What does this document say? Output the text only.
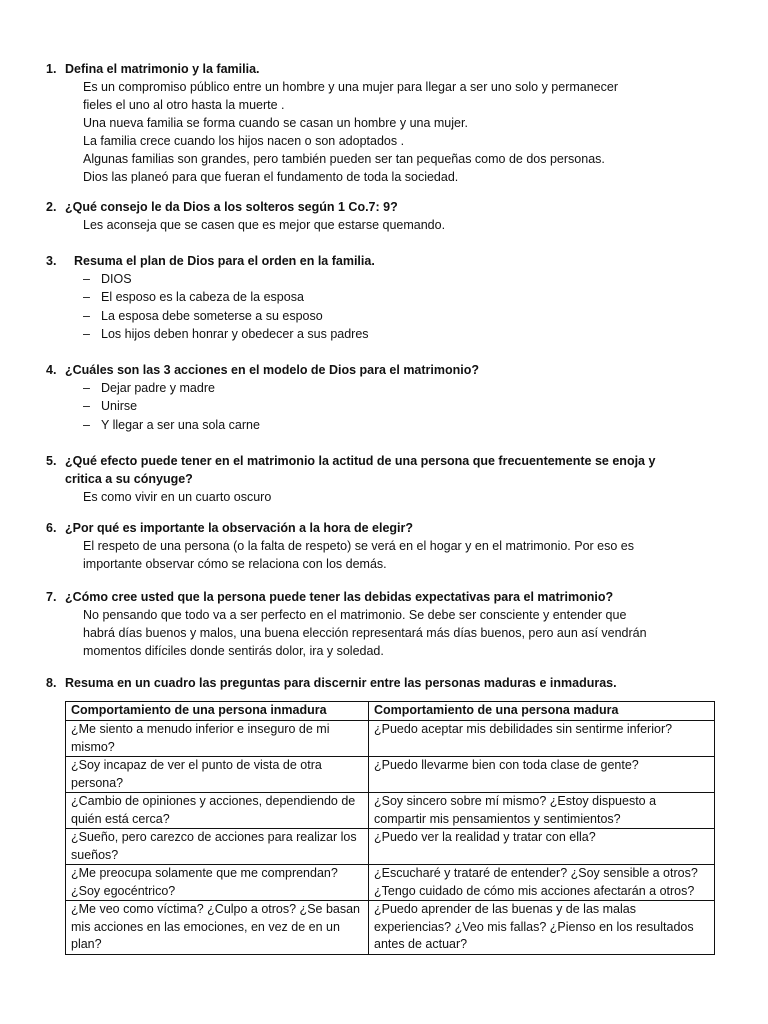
1. Defina el matrimonio y la familia.

Es un compromiso público entre un hombre y una mujer para llegar a ser uno solo y permanecer

fieles el uno al otro hasta la muerte .

Una nueva familia se forma cuando se casan un hombre y una mujer.

La familia crece cuando los hijos nacen o son adoptados .

Algunas familias son grandes, pero también pueden ser tan pequeñas como de dos personas.

Dios las planeó para que fueran el fundamento de toda la sociedad.

2. ¿Qué consejo le da Dios a los solteros según 1 Co.7: 9?

Les aconseja que se casen que es mejor que estarse quemando.

3. Resuma el plan de Dios para el orden en la familia.
– DIOS
– El esposo es la cabeza de la esposa
– La esposa debe someterse a su esposo
– Los hijos deben honrar y obedecer a sus padres
4. ¿Cuáles son las 3 acciones en el modelo de Dios para el matrimonio?
– Dejar padre y madre
– Unirse
– Y llegar a ser una sola carne
5. ¿Qué efecto puede tener en el matrimonio la actitud de una persona que frecuentemente se enoja y
critica a su cónyuge?

Es como vivir en un cuarto oscuro

6. ¿Por qué es importante la observación a la hora de elegir?

El respeto de una persona (o la falta de respeto) se verá en el hogar y en el matrimonio. Por eso es

importante observar cómo se relaciona con los demás.

7. ¿Cómo cree usted que la persona puede tener las debidas expectativas para el matrimonio?

No pensando que todo va a ser perfecto en el matrimonio. Se debe ser consciente y entender que

habrá días buenos y malos, una buena elección representará más días buenos, pero aun así vendrán

momentos difíciles donde sentirás dolor, ira y soledad.

8. Resuma en un cuadro las preguntas para discernir entre las personas maduras e inmaduras.
Comportamiento de una persona inmadura	Comportamiento de una persona madura
¿Me siento a menudo inferior e inseguro de mi mismo?	¿Puedo aceptar mis debilidades sin sentirme inferior?
¿Soy incapaz de ver el punto de vista de otra persona?	¿Puedo llevarme bien con toda clase de gente?
¿Cambio de opiniones y acciones, dependiendo de quién está cerca?	¿Soy sincero sobre mí mismo? ¿Estoy dispuesto a compartir mis pensamientos y sentimientos?
¿Sueño, pero carezco de acciones para realizar los sueños?	¿Puedo ver la realidad y tratar con ella?
¿Me preocupa solamente que me comprendan? ¿Soy egocéntrico?	¿Escucharé y trataré de entender? ¿Soy sensible a otros? ¿Tengo cuidado de cómo mis acciones afectarán a otros?
¿Me veo como víctima? ¿Culpo a otros? ¿Se basan mis acciones en las emociones, en vez de en un plan?	¿Puedo aprender de las buenas y de las malas experiencias? ¿Veo mis fallas? ¿Pienso en los resultados antes de actuar?
